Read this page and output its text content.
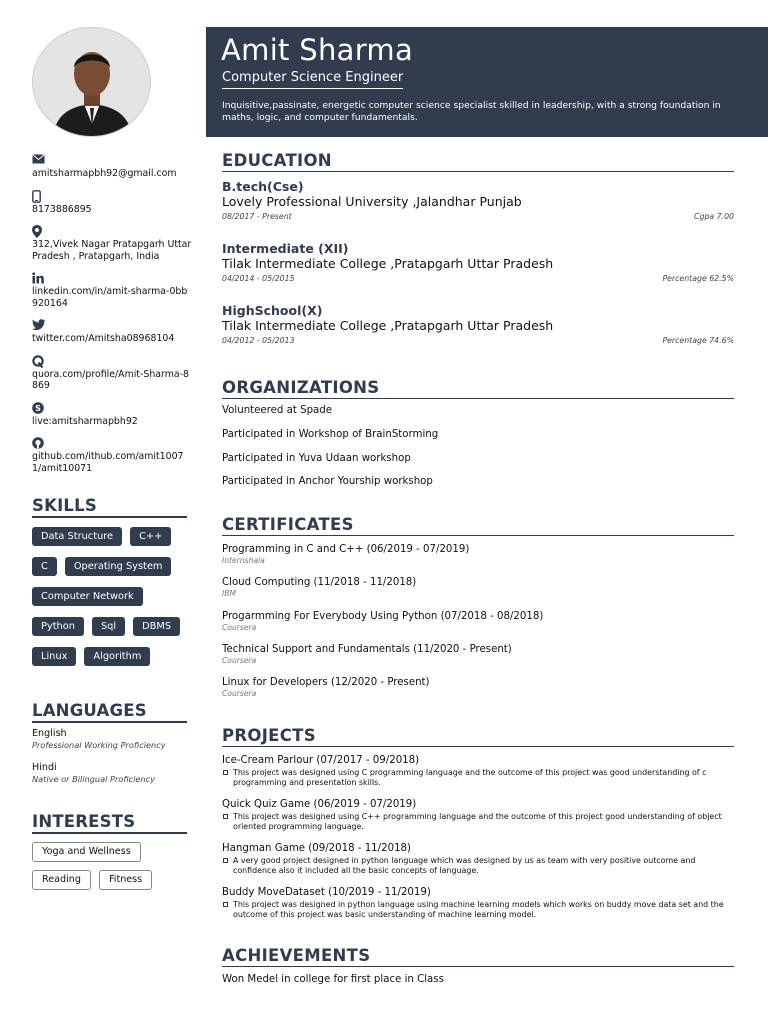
Amit Sharma
Computer Science Engineer
Inquisitive,passinate, energetic computer science specialist skilled in leadership, with a strong foundation in maths, logic, and computer fundamentals.
amitsharmapbh92@gmail.com
8173886895
312,Vivek Nagar Pratapgarh UttarPradesh , Pratapgarh, India
linkedin.com/in/amit-sharma-0bb920164
twitter.com/Amitsha08968104
quora.com/profile/Amit-Sharma-8869
S
live:amitsharmapbh92
github.com/ithub.com/amit10071/amit10071
SKILLS
Data Structure	C++
C	Operating System
Computer Network
Python	Sql	DBMS
Linux	Algorithm
LANGUAGES
English
Professional Working Proficiency
Hindi
Native or Bilingual Proficiency
INTERESTS
Yoga and Wellness
Reading	Fitness
EDUCATION
B.tech(Cse)
Lovely Professional University ,Jalandhar Punjab
08/2017 - Present	Cgpa 7.00
Intermediate (XII)
Tilak Intermediate College ,Pratapgarh Uttar Pradesh
04/2014 - 05/2015	Percentage 62.5%
HighSchool(X)
Tilak Intermediate College ,Pratapgarh Uttar Pradesh
04/2012 - 05/2013	Percentage 74.6%
ORGANIZATIONS
Volunteered at Spade
Participated in Workshop of BrainStorming
Participated in Yuva Udaan workshop
Participated in Anchor Yourship workshop
CERTIFICATES
Programming in C and C++ (06/2019 - 07/2019)
Internshala
Cloud Computing (11/2018 - 11/2018)
IBM
Progarmming For Everybody Using Python (07/2018 - 08/2018)
Coursera
Technical Support and Fundamentals (11/2020 - Present)
Coursera
Linux for Developers (12/2020 - Present)
Coursera
PROJECTS
Ice-Cream Parlour (07/2017 - 09/2018)
This project was designed using C programming language and the outcome of this project was good understanding of c programming and presentation skills.
Quick Quiz Game (06/2019 - 07/2019)
This project was designed using C++ programming language and the outcome of this project good understanding of object oriented programming language.
Hangman Game (09/2018 - 11/2018)
A very good project designed in python language which was designed by us as team with very positive outcome and confidence also it included all the basic concepts of language.
Buddy MoveDataset (10/2019 - 11/2019)
This project was designed in python language using machine learning models which works on buddy move data set and the outcome of this project was basic understanding of machine learning model.
ACHIEVEMENTS
Won Medel in college for first place in Class
